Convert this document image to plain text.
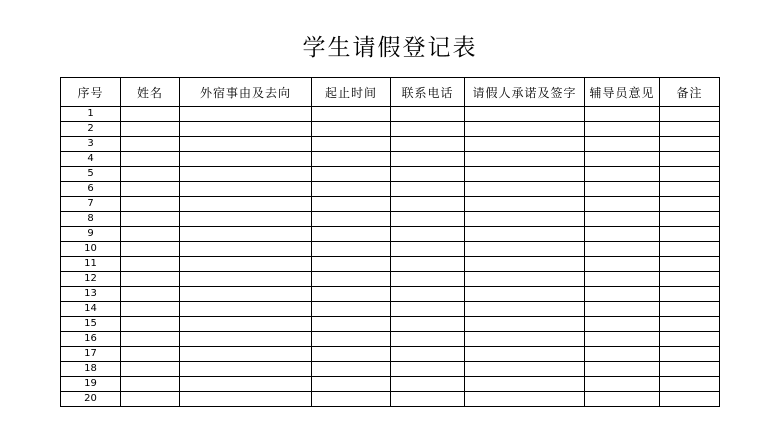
学生请假登记表
序号	姓名	外宿事由及去向	起止时间	联系电话	请假人承诺及签字	辅导员意见	备注
1							
2							
3							
4							
5							
6							
7							
8							
9							
10							
11							
12							
13							
14							
15							
16							
17							
18							
19							
20							
